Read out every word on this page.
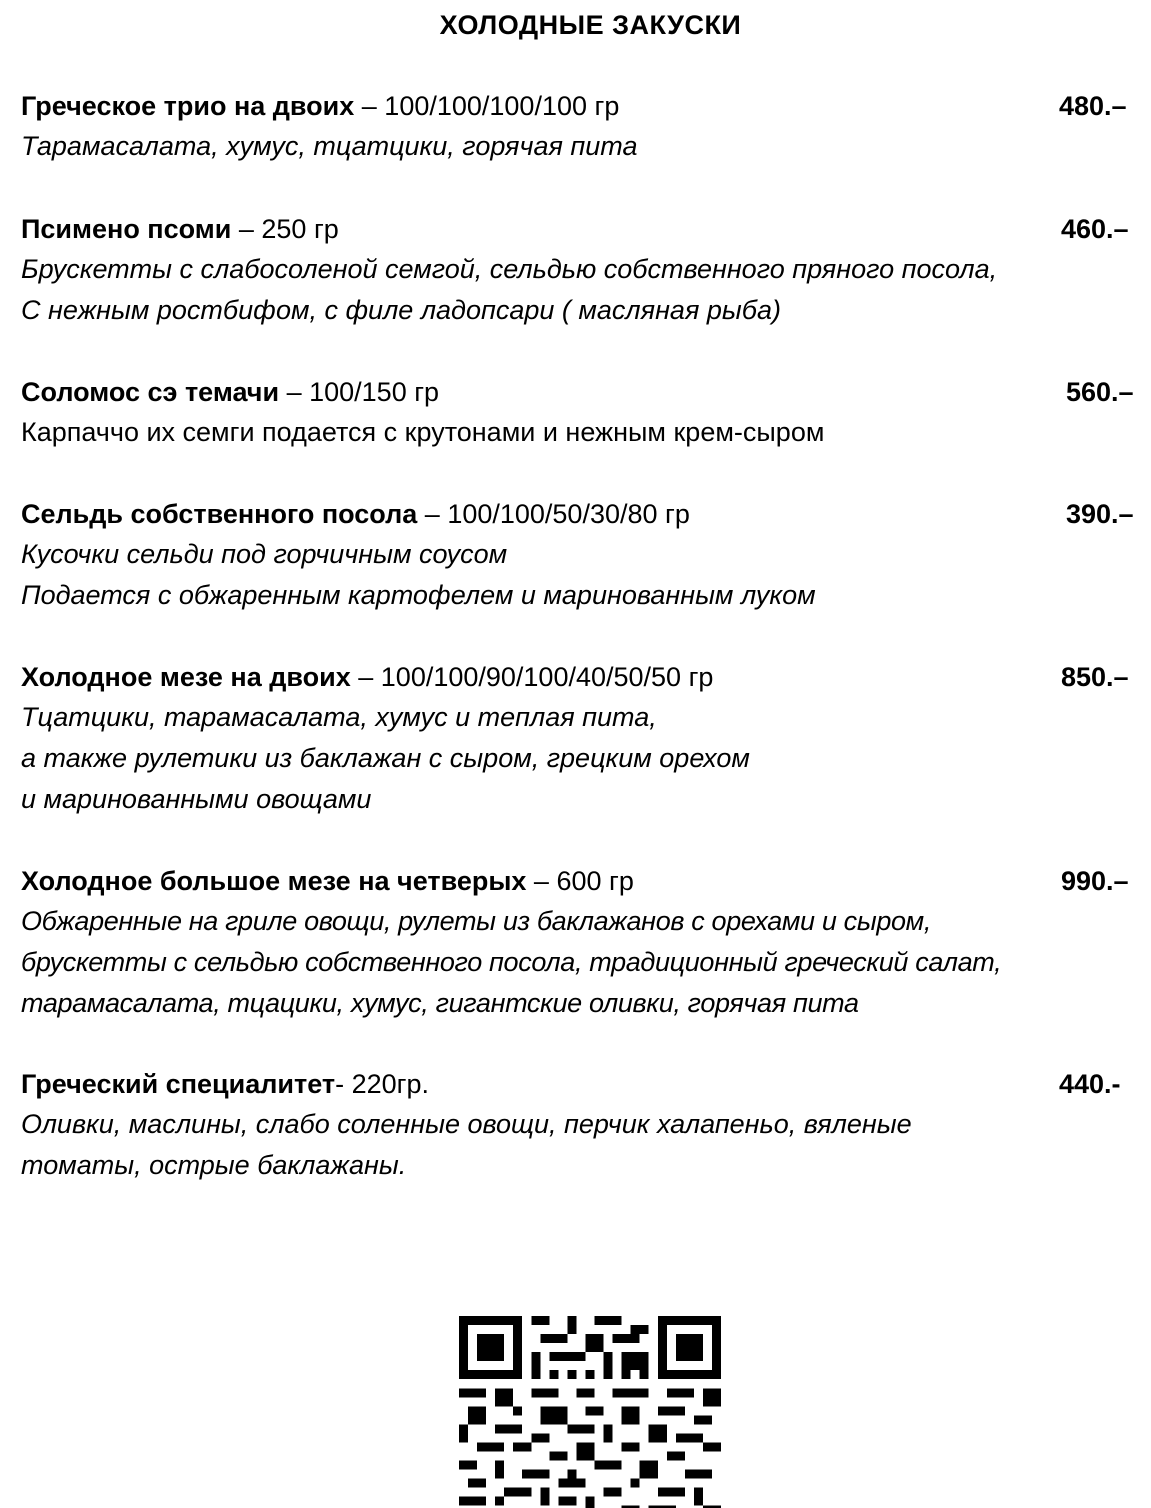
ХОЛОДНЫЕ ЗАКУСКИ
Греческое трио на двоих – 100/100/100/100 гр	480.–
Тарамасалата, хумус, тцатцики, горячая пита
Псимено псоми – 250 гр	460.–
Брускетты с слабосоленой семгой, сельдью собственного пряного посола,
С нежным ростбифом, с филе ладопсари ( масляная рыба)
Соломос сэ темачи – 100/150 гр	560.–
Карпаччо их семги подается с крутонами и нежным крем-сыром
Сельдь собственного посола – 100/100/50/30/80 гр	390.–
Кусочки сельди под горчичным соусом
Подается с обжаренным картофелем и маринованным луком
Холодное мезе на двоих – 100/100/90/100/40/50/50 гр	850.–
Тцатцики, тарамасалата, хумус и теплая пита,
а также рулетики из баклажан с сыром, грецким орехом
и маринованными овощами
Холодное большое мезе на четверых – 600 гр	990.–
Обжаренные на гриле овощи, рулеты из баклажанов с орехами и сыром,
брускетты с сельдью собственного посола, традиционный греческий салат,
тарамасалата, тцацики, хумус, гигантские оливки, горячая пита
Греческий специалитет- 220гр.	440.-
Оливки, маслины, слабо соленные овощи, перчик халапеньо, вяленые
томаты, острые баклажаны.
